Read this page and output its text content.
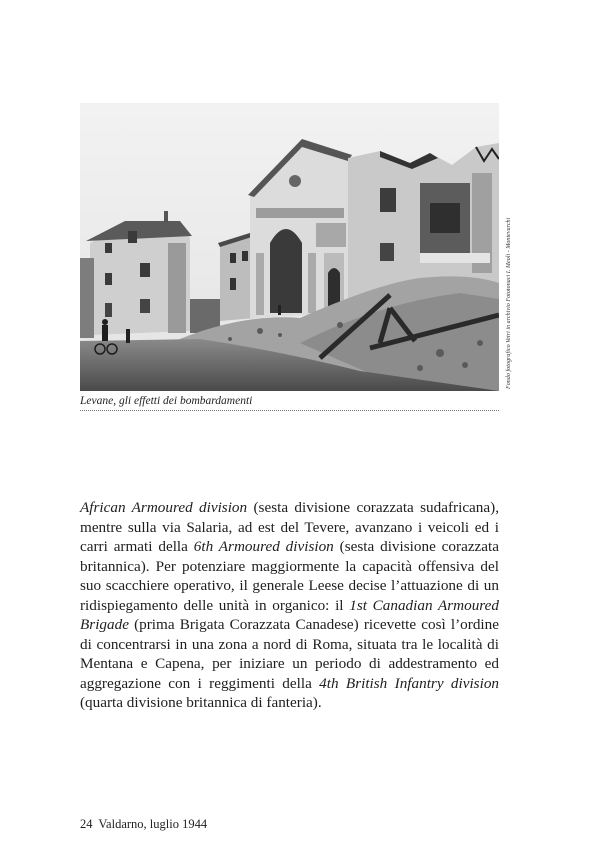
Fondo fotografico Vetri in archivio Fototonaci I. Meoli - Montevarchi
Levane, gli effetti dei bombardamenti

African Armoured division (sesta divisione corazzata sudafricana), mentre sulla via Salaria, ad est del Tevere, avanzano i veicoli ed i carri armati della 6th Armoured division (sesta divisione corazzata britannica). Per potenziare maggiormente la capacità offensiva del suo scacchiere operativo, il generale Leese decise l’attuazione di un ridispiegamento delle unità in organico: il 1st Canadian Armoured Brigade (prima Brigata Corazzata Canadese) ricevette così l’ordine di concentrarsi in una zona a nord di Roma, situata tra le località di Mentana e Capena, per iniziare un periodo di addestramento ed aggregazione con i reggimenti della 4th British Infantry division (quarta divisione britannica di fanteria).

24 Valdarno, luglio 1944
